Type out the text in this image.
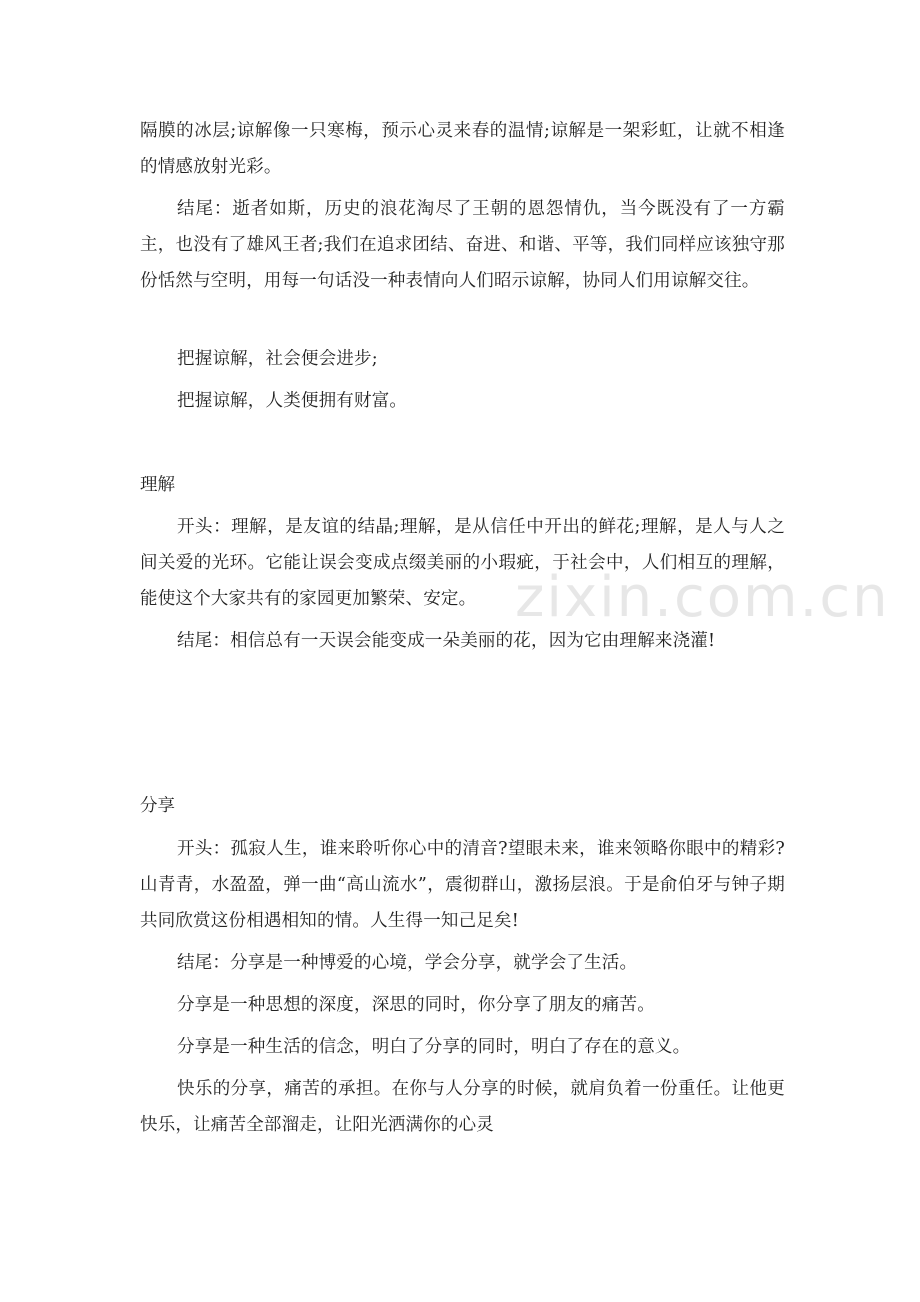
隔膜的冰层;谅解像一只寒梅，预示心灵来春的温情;谅解是一架彩虹，让就不相逢的情感放射光彩。

结尾：逝者如斯，历史的浪花淘尽了王朝的恩怨情仇，当今既没有了一方霸主，也没有了雄风王者;我们在追求团结、奋进、和谐、平等，我们同样应该独守那份恬然与空明，用每一句话没一种表情向人们昭示谅解，协同人们用谅解交往。

把握谅解，社会便会进步;

把握谅解，人类便拥有财富。

理解

开头：理解，是友谊的结晶;理解，是从信任中开出的鲜花;理解，是人与人之间关爱的光环。它能让误会变成点缀美丽的小瑕疵，于社会中，人们相互的理解，能使这个大家共有的家园更加繁荣、安定。

结尾：相信总有一天误会能变成一朵美丽的花，因为它由理解来浇灌!

分享

开头：孤寂人生，谁来聆听你心中的清音?望眼未来，谁来领略你眼中的精彩? 山青青，水盈盈，弹一曲“高山流水”，震彻群山，激扬层浪。于是俞伯牙与钟子期共同欣赏这份相遇相知的情。人生得一知己足矣!

结尾：分享是一种博爱的心境，学会分享，就学会了生活。

分享是一种思想的深度，深思的同时，你分享了朋友的痛苦。

分享是一种生活的信念，明白了分享的同时，明白了存在的意义。

快乐的分享，痛苦的承担。在你与人分享的时候，就肩负着一份重任。让他更快乐，让痛苦全部溜走，让阳光洒满你的心灵

zixin.com.cn
